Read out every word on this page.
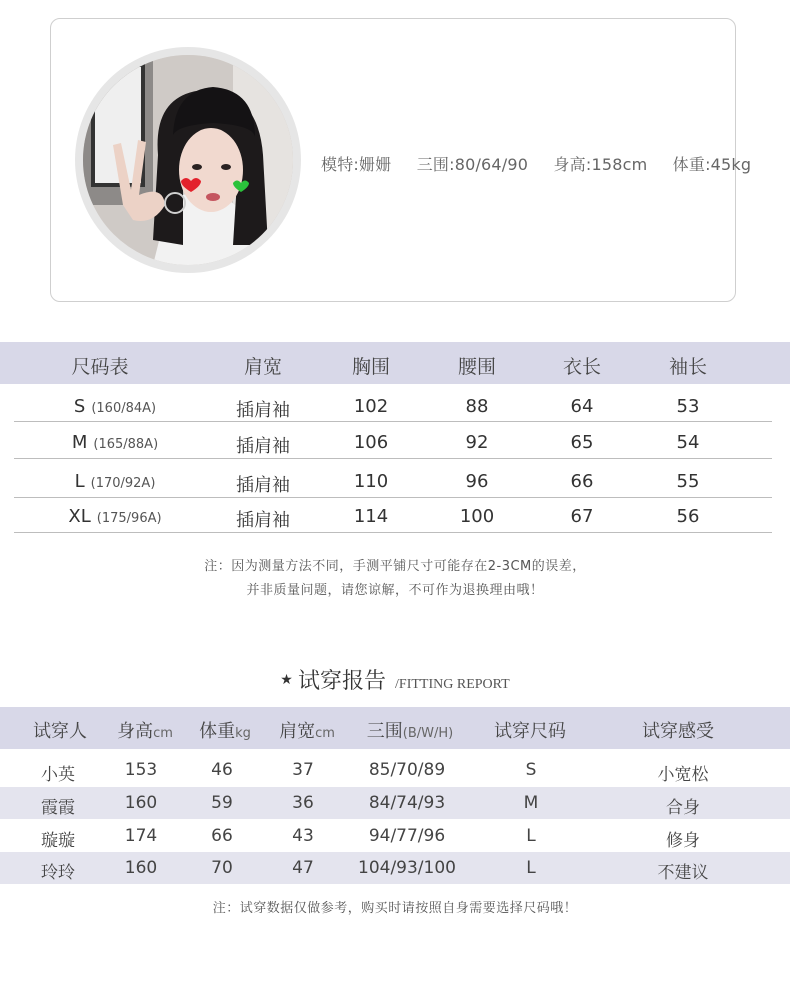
模特:姗姗 三围:80/64/90 身高:158cm 体重:45kg
尺码表	肩宽	胸围	腰围	衣长	袖长
S (160/84A)	插肩袖	102	88	64	53
M (165/88A)	插肩袖	106	92	65	54
L (170/92A)	插肩袖	110	96	66	55
XL (175/96A)	插肩袖	114	100	67	56
注：因为测量方法不同，手测平铺尺寸可能存在2-3CM的误差，
并非质量问题，请您谅解，不可作为退换理由哦！
★ 试穿报告 /FITTING REPORT
试穿人	身高cm	体重kg	肩宽cm	三围(B/W/H)	试穿尺码	试穿感受
小英	153	46	37	85/70/89	S	小宽松
霞霞	160	59	36	84/74/93	M	合身
璇璇	174	66	43	94/77/96	L	修身
玲玲	160	70	47	104/93/100	L	不建议
注：试穿数据仅做参考，购买时请按照自身需要选择尺码哦！
